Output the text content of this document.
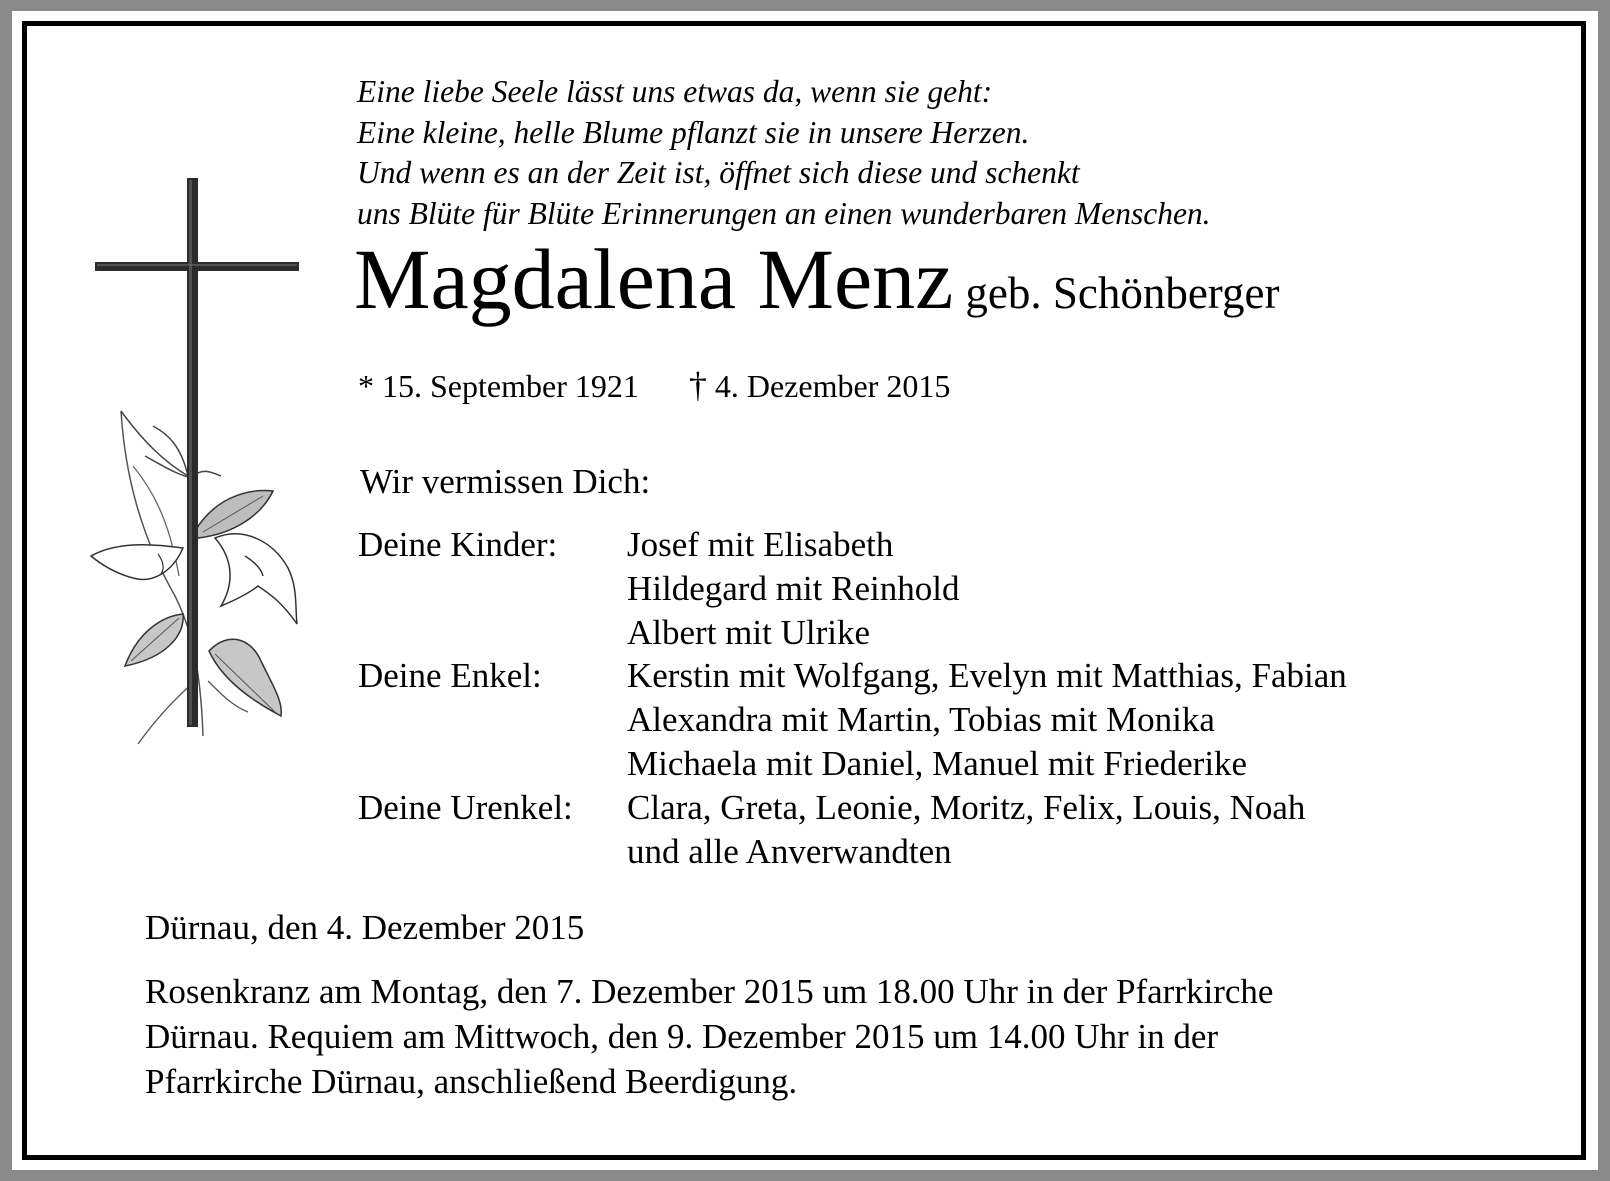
Eine liebe Seele lässt uns etwas da, wenn sie geht:
Eine kleine, helle Blume pflanzt sie in unsere Herzen.
Und wenn es an der Zeit ist, öffnet sich diese und schenkt
uns Blüte für Blüte Erinnerungen an einen wunderbaren Menschen.
Magdalena Menz geb. Schönberger
* 15. September 1921 † 4. Dezember 2015
Wir vermissen Dich:
Deine Kinder:	Josef mit Elisabeth
Hildegard mit Reinhold
Albert mit Ulrike
Deine Enkel:	Kerstin mit Wolfgang, Evelyn mit Matthias, Fabian
Alexandra mit Martin, Tobias mit Monika
Michaela mit Daniel, Manuel mit Friederike
Deine Urenkel:	Clara, Greta, Leonie, Moritz, Felix, Louis, Noah
und alle Anverwandten
Dürnau, den 4. Dezember 2015
Rosenkranz am Montag, den 7. Dezember 2015 um 18.00 Uhr in der Pfarrkirche
Dürnau. Requiem am Mittwoch, den 9. Dezember 2015 um 14.00 Uhr in der
Pfarrkirche Dürnau, anschließend Beerdigung.
